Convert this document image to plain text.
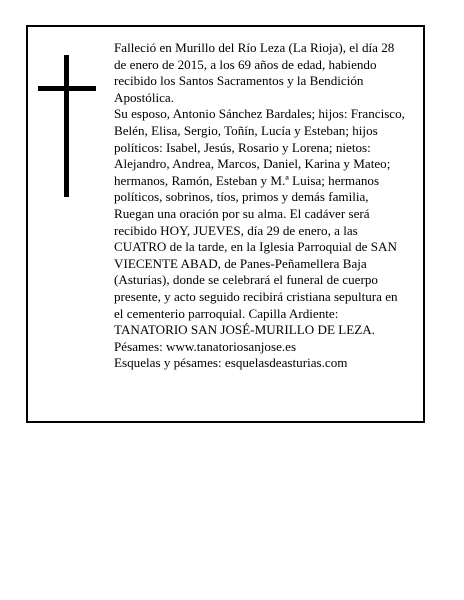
Falleció en Murillo del Río Leza (La Rioja), el día 28

de enero de 2015, a los 69 años de edad, habiendo

recibido los Santos Sacramentos y la Bendición

Apostólica.

Su esposo, Antonio Sánchez Bardales; hijos: Francisco,

Belén, Elisa, Sergio, Toñín, Lucía y Esteban; hijos

políticos: Isabel, Jesús, Rosario y Lorena; nietos:

Alejandro, Andrea, Marcos, Daniel, Karina y Mateo;

hermanos, Ramón, Esteban y M.ª Luisa; hermanos

políticos, sobrinos, tíos, primos y demás familia,

Ruegan una oración por su alma. El cadáver será

recibido HOY, JUEVES, día 29 de enero, a las

CUATRO de la tarde, en la Iglesia Parroquial de SAN

VIECENTE ABAD, de Panes-Peñamellera Baja

(Asturias), donde se celebrará el funeral de cuerpo

presente, y acto seguido recibirá cristiana sepultura en

el cementerio parroquial. Capilla Ardiente:

TANATORIO SAN JOSÉ-MURILLO DE LEZA.

Pésames: www.tanatoriosanjose.es

Esquelas y pésames: esquelasdeasturias.com
